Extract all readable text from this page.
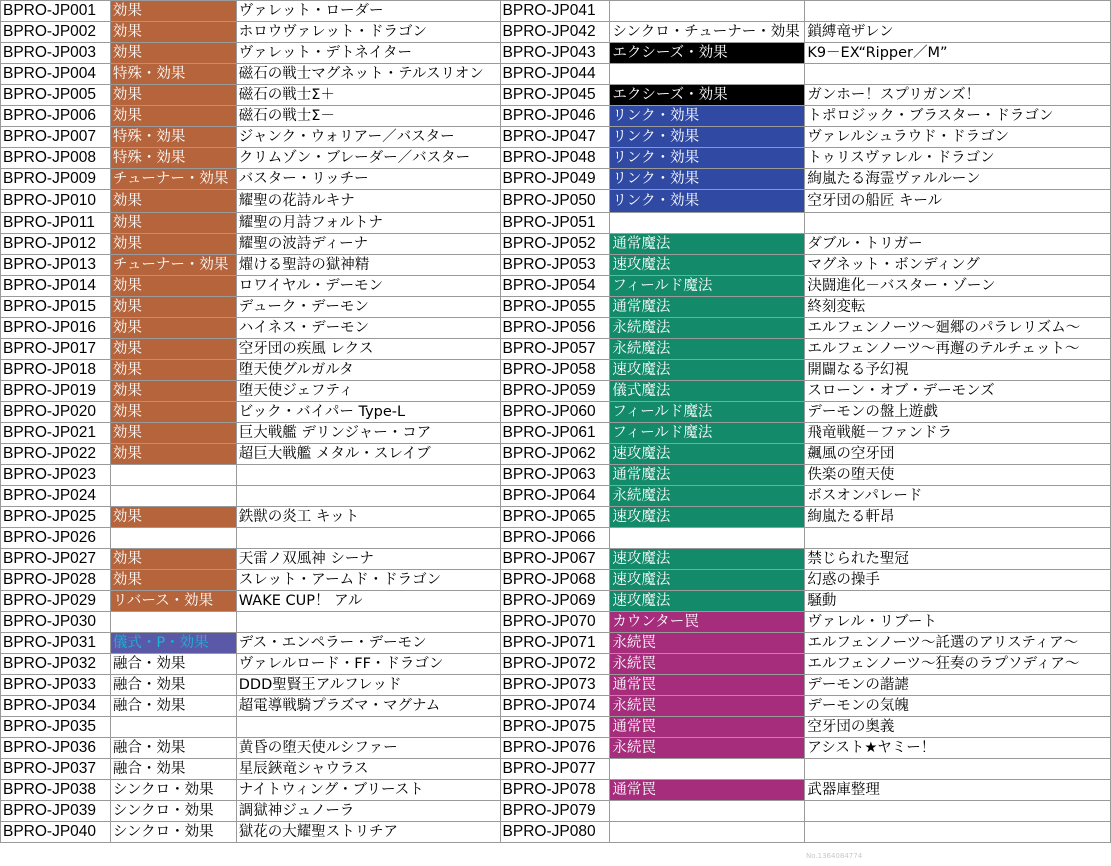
BPRO-JP001	効果	ヴァレット・ローダー	BPRO-JP041		
BPRO-JP002	効果	ホロウヴァレット・ドラゴン	BPRO-JP042	シンクロ・チューナー・効果	鎖縛竜ザレン
BPRO-JP003	効果	ヴァレット・デトネイター	BPRO-JP043	エクシーズ・効果	K9－EX“Ripper／M”
BPRO-JP004	特殊・効果	磁石の戦士マグネット・テルスリオン	BPRO-JP044		
BPRO-JP005	効果	磁石の戦士Σ＋	BPRO-JP045	エクシーズ・効果	ガンホー！スプリガンズ！
BPRO-JP006	効果	磁石の戦士Σ－	BPRO-JP046	リンク・効果	トポロジック・ブラスター・ドラゴン
BPRO-JP007	特殊・効果	ジャンク・ウォリアー／バスター	BPRO-JP047	リンク・効果	ヴァレルシュラウド・ドラゴン
BPRO-JP008	特殊・効果	クリムゾン・ブレーダー／バスター	BPRO-JP048	リンク・効果	トゥリスヴァレル・ドラゴン
BPRO-JP009	チューナー・効果	バスター・リッチー	BPRO-JP049	リンク・効果	絢嵐たる海霊ヴァルルーン
BPRO-JP010	効果	耀聖の花詩ルキナ	BPRO-JP050	リンク・効果	空牙団の船匠 キール
BPRO-JP011	効果	耀聖の月詩フォルトナ	BPRO-JP051		
BPRO-JP012	効果	耀聖の波詩ディーナ	BPRO-JP052	通常魔法	ダブル・トリガー
BPRO-JP013	チューナー・効果	燿ける聖詩の獄神精	BPRO-JP053	速攻魔法	マグネット・ボンディング
BPRO-JP014	効果	ロワイヤル・デーモン	BPRO-JP054	フィールド魔法	決闘進化－バスター・ゾーン
BPRO-JP015	効果	デューク・デーモン	BPRO-JP055	通常魔法	終刻変転
BPRO-JP016	効果	ハイネス・デーモン	BPRO-JP056	永続魔法	エルフェンノーツ～廻郷のパラレリズム～
BPRO-JP017	効果	空牙団の疾風 レクス	BPRO-JP057	永続魔法	エルフェンノーツ～再邂のテルチェット～
BPRO-JP018	効果	堕天使グルガルタ	BPRO-JP058	速攻魔法	開闢なる予幻視
BPRO-JP019	効果	堕天使ジェフティ	BPRO-JP059	儀式魔法	スローン・オブ・デーモンズ
BPRO-JP020	効果	ビック・バイパー Type-L	BPRO-JP060	フィールド魔法	デーモンの盤上遊戯
BPRO-JP021	効果	巨大戦艦 デリンジャー・コア	BPRO-JP061	フィールド魔法	飛竜戦艇－ファンドラ
BPRO-JP022	効果	超巨大戦艦 メタル・スレイブ	BPRO-JP062	速攻魔法	飆風の空牙団
BPRO-JP023			BPRO-JP063	通常魔法	佚楽の堕天使
BPRO-JP024			BPRO-JP064	永続魔法	ボスオンパレード
BPRO-JP025	効果	鉄獣の炎工 キット	BPRO-JP065	速攻魔法	絢嵐たる軒昂
BPRO-JP026			BPRO-JP066		
BPRO-JP027	効果	天雷ノ双風神 シーナ	BPRO-JP067	速攻魔法	禁じられた聖冠
BPRO-JP028	効果	スレット・アームド・ドラゴン	BPRO-JP068	速攻魔法	幻惑の操手
BPRO-JP029	リバース・効果	WAKE CUP！ アル	BPRO-JP069	速攻魔法	騒動
BPRO-JP030			BPRO-JP070	カウンター罠	ヴァレル・リブート
BPRO-JP031	儀式・P・効果	デス・エンペラー・デーモン	BPRO-JP071	永続罠	エルフェンノーツ～託選のアリスティア～
BPRO-JP032	融合・効果	ヴァレルロード・FF・ドラゴン	BPRO-JP072	永続罠	エルフェンノーツ～狂奏のラプソディア～
BPRO-JP033	融合・効果	DDD聖賢王アルフレッド	BPRO-JP073	通常罠	デーモンの諧謔
BPRO-JP034	融合・効果	超電導戦騎プラズマ・マグナム	BPRO-JP074	永続罠	デーモンの気魄
BPRO-JP035			BPRO-JP075	通常罠	空牙団の奥義
BPRO-JP036	融合・効果	黄昏の堕天使ルシファー	BPRO-JP076	永続罠	アシスト★ヤミー！
BPRO-JP037	融合・効果	星辰鋏竜シャウラス	BPRO-JP077		
BPRO-JP038	シンクロ・効果	ナイトウィング・ブリースト	BPRO-JP078	通常罠	武器庫整理
BPRO-JP039	シンクロ・効果	調獄神ジュノーラ	BPRO-JP079		
BPRO-JP040	シンクロ・効果	獄花の大耀聖ストリチア	BPRO-JP080		
No.1364084774
